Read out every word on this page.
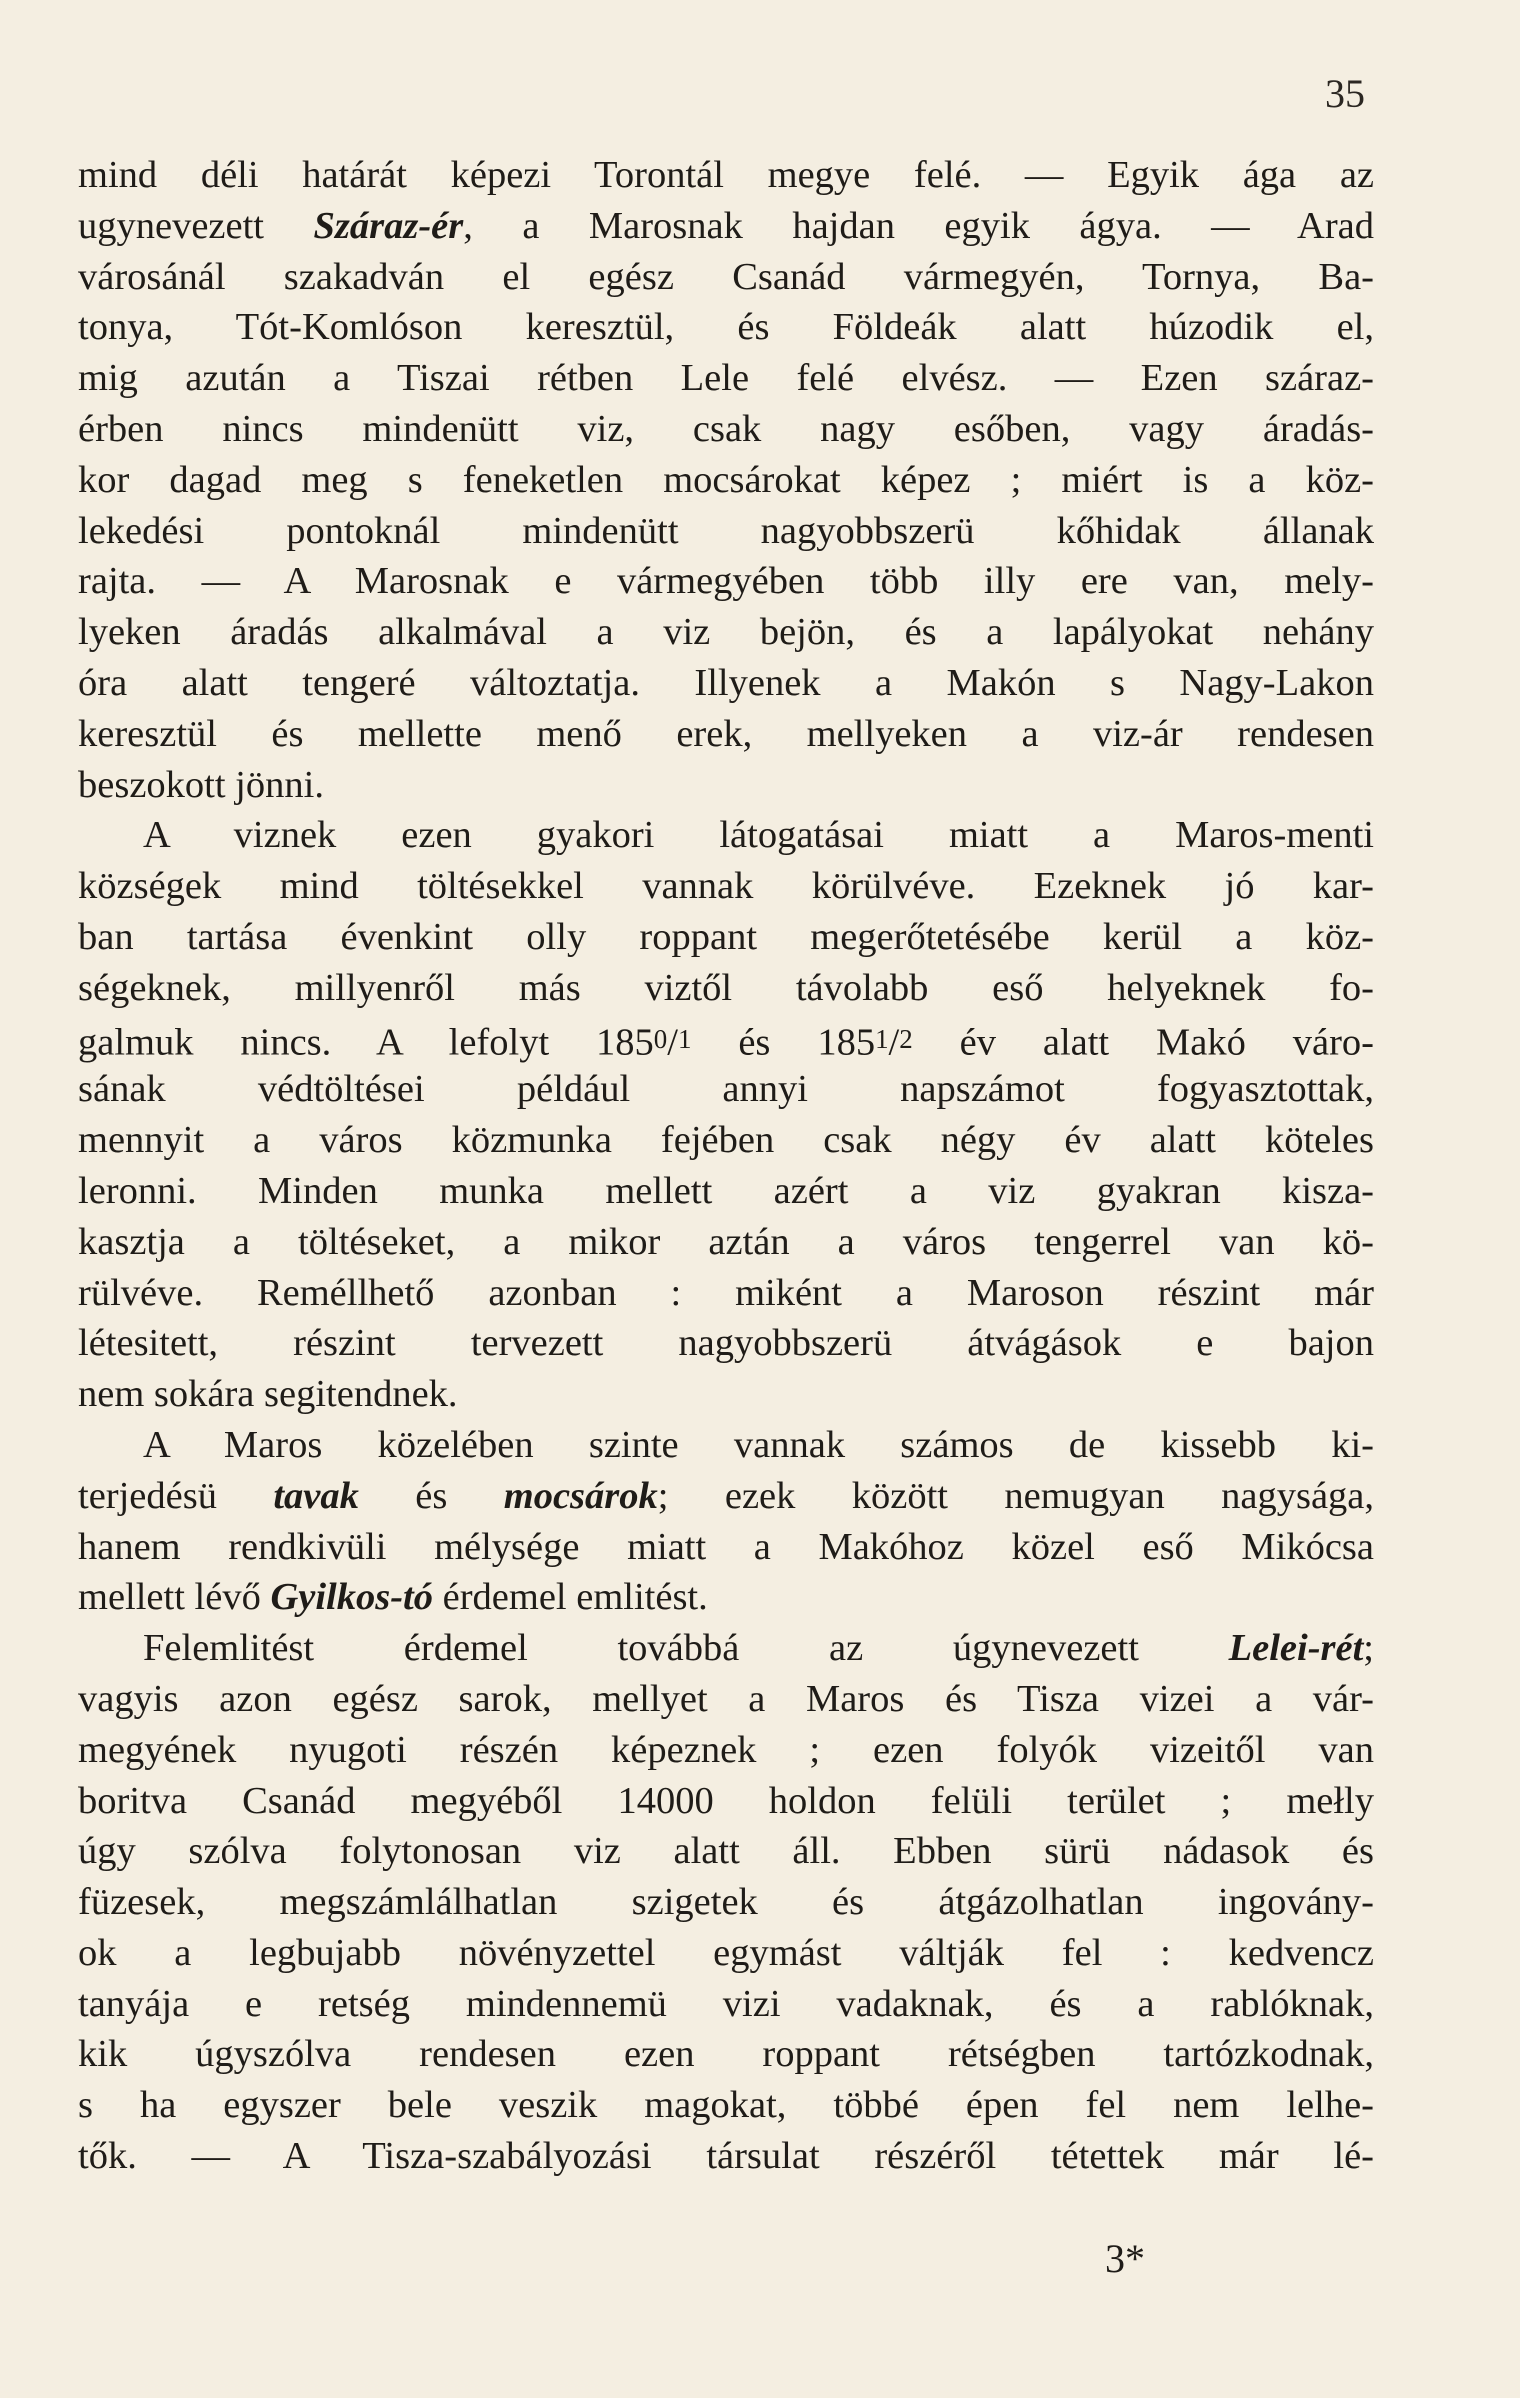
35
mind déli határát képezi Torontál megye felé. — Egyik ága az
ugynevezett Száraz-ér, a Marosnak hajdan egyik ágya. — Arad
városánál szakadván el egész Csanád vármegyén, Tornya, Ba-
tonya, Tót-Komlóson keresztül, és Földeák alatt húzodik el,
mig azután a Tiszai rétben Lele felé elvész. — Ezen száraz-
érben nincs mindenütt viz, csak nagy esőben, vagy áradás-
kor dagad meg s feneketlen mocsárokat képez ; miért is a köz-
lekedési pontoknál mindenütt nagyobbszerü kőhidak állanak
rajta. — A Marosnak e vármegyében több illy ere van, mely-
lyeken áradás alkalmával a viz bejön, és a lapályokat nehány
óra alatt tengeré változtatja. Illyenek a Makón s Nagy-Lakon
keresztül és mellette menő erek, mellyeken a viz-ár rendesen
beszokott jönni.
A viznek ezen gyakori látogatásai miatt a Maros-menti
községek mind töltésekkel vannak körülvéve. Ezeknek jó kar-
ban tartása évenkint olly roppant megerőtetésébe kerül a köz-
ségeknek, millyenről más viztől távolabb eső helyeknek fo-
galmuk nincs. A lefolyt 1850/1 és 1851/2 év alatt Makó váro-
sának védtöltései például annyi napszámot fogyasztottak,
mennyit a város közmunka fejében csak négy év alatt köteles
leronni. Minden munka mellett azért a viz gyakran kisza-
kasztja a töltéseket, a mikor aztán a város tengerrel van kö-
rülvéve. Reméllhető azonban : miként a Maroson részint már
létesitett, részint tervezett nagyobbszerü átvágások e bajon
nem sokára segitendnek.
A Maros közelében szinte vannak számos de kissebb ki-
terjedésü tavak és mocsárok; ezek között nemugyan nagysága,
hanem rendkivüli mélysége miatt a Makóhoz közel eső Mikócsa
mellett lévő Gyilkos-tó érdemel emlitést.
Felemlitést érdemel továbbá az úgynevezett Lelei-rét;
vagyis azon egész sarok, mellyet a Maros és Tisza vizei a vár-
megyének nyugoti részén képeznek ; ezen folyók vizeitől van
boritva Csanád megyéből 14000 holdon felüli terület ; mełly
úgy szólva folytonosan viz alatt áll. Ebben sürü nádasok és
füzesek, megszámlálhatlan szigetek és átgázolhatlan ingovány-
ok a legbujabb növényzettel egymást váltják fel : kedvencz
tanyája e retség mindennemü vizi vadaknak, és a rablóknak,
kik úgyszólva rendesen ezen roppant rétségben tartózkodnak,
s ha egyszer bele veszik magokat, többé épen fel nem lelhe-
tők. — A Tisza-szabályozási társulat részéről tétettek már lé-
3*
